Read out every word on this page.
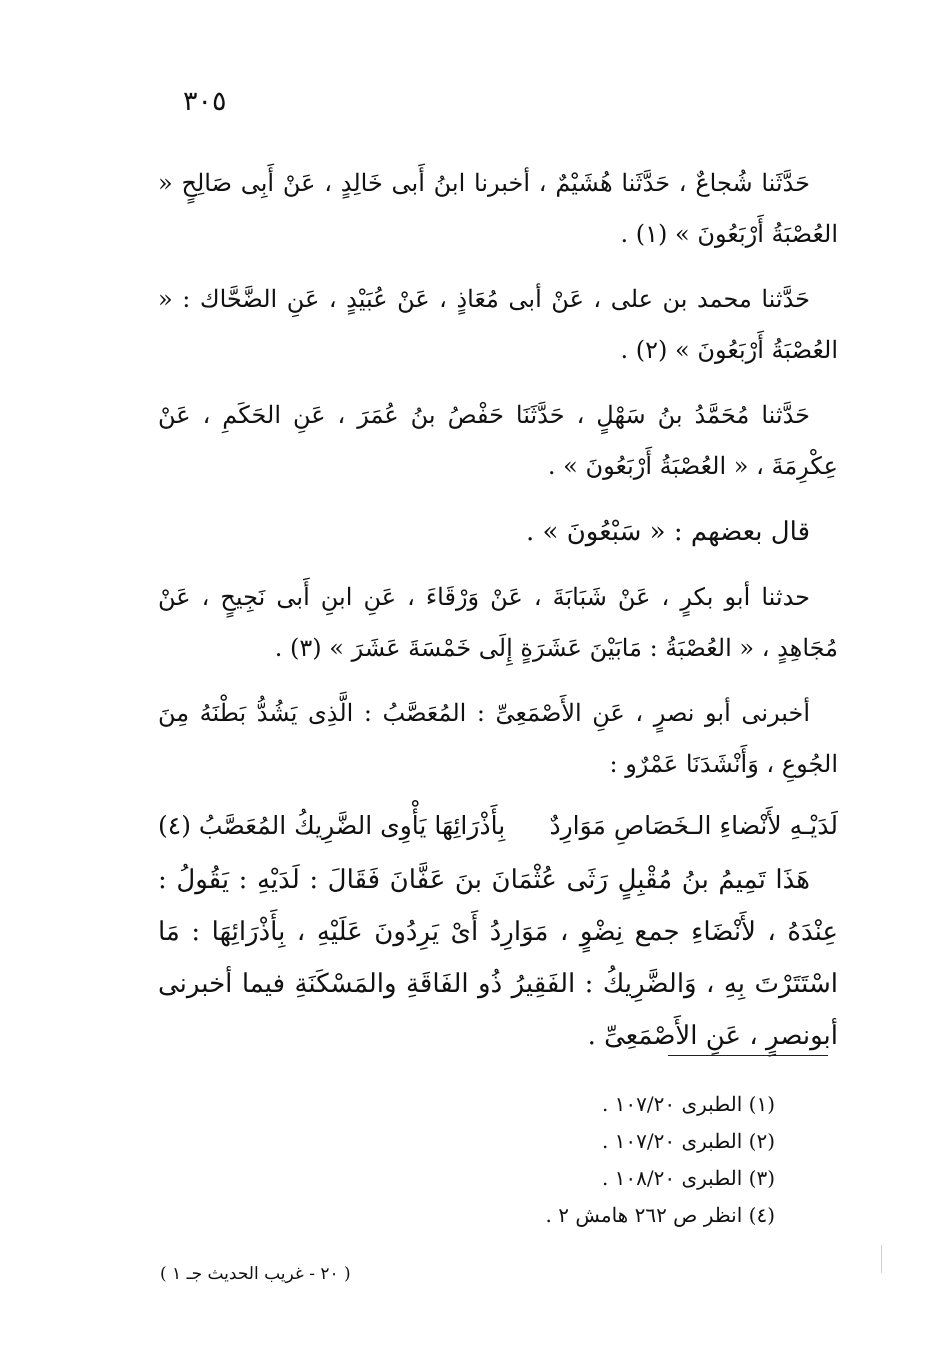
٣٠٥

حَدَّثَنا شُجاعٌ ، حَدَّثَنا هُشَيْمٌ ، أخبرنا ابنُ أَبى خَالِدٍ ، عَنْ أَبِى صَالِحٍ « العُصْبَةُ أَرْبَعُونَ » (١) .

حَدَّثنا محمد بن على ، عَنْ أبى مُعَاذٍ ، عَنْ عُبَيْدٍ ، عَنِ الضَّحَّاك : « العُصْبَةُ أَرْبَعُونَ » (٢) .

حَدَّثنا مُحَمَّدُ بنُ سَهْلٍ ، حَدَّثَنَا حَفْصُ بنُ عُمَرَ ، عَنِ الحَكَمِ ، عَنْ عِكْرِمَةَ ، « العُصْبَةُ أَرْبَعُونَ » .

قال بعضهم : « سَبْعُونَ » .

حدثنا أبو بكرٍ ، عَنْ شَبَابَةَ ، عَنْ وَرْقَاءَ ، عَنِ ابنِ أَبى نَجِيحٍ ، عَنْ مُجَاهِدٍ ، « العُصْبَةُ : مَابَيْنَ عَشَرَةٍ إِلَى خَمْسَةَ عَشَرَ » (٣) .

أخبرنى أبو نصرٍ ، عَنِ الأَصْمَعِىِّ : المُعَصَّبُ : الَّذِى يَشُدُّ بَطْنَهُ مِنَ الجُوعِ ، وَأَنْشَدَنَا عَمْرٌو :

لَدَيْـهِ لأَنْضاءِ الـخَصَاصِ مَوَارِدٌ
بِأَذْرَائِهَا يَأْوِى الضَّرِيكُ المُعَصَّبُ (٤)

هَذَا تَمِيمُ بنُ مُقْبِلٍ رَثَى عُثْمَانَ بنَ عَفَّانَ فَقَالَ : لَدَيْهِ : يَقُولُ : عِنْدَهُ ، لأَنْضَاءِ جمع نِضْوٍ ، مَوَارِدُ أَىْ يَرِدُونَ عَلَيْهِ ، بِأَذْرَائِهَا : مَا اسْتَتَرْتَ بِهِ ، وَالضَّرِيكُ : الفَقِيرُ ذُو الفَاقَةِ والمَسْكَنَةِ فيما أخبرنى أبونصرٍ ، عَنِ الأَصْمَعِىِّ .

(١) الطبرى ١٠٧/٢٠ .
(٢) الطبرى ١٠٧/٢٠ .
(٣) الطبرى ١٠٨/٢٠ .
(٤) انظر ص ٢٦٢ هامش ٢ .
( ٢٠ - غريب الحديث جـ ١ )
